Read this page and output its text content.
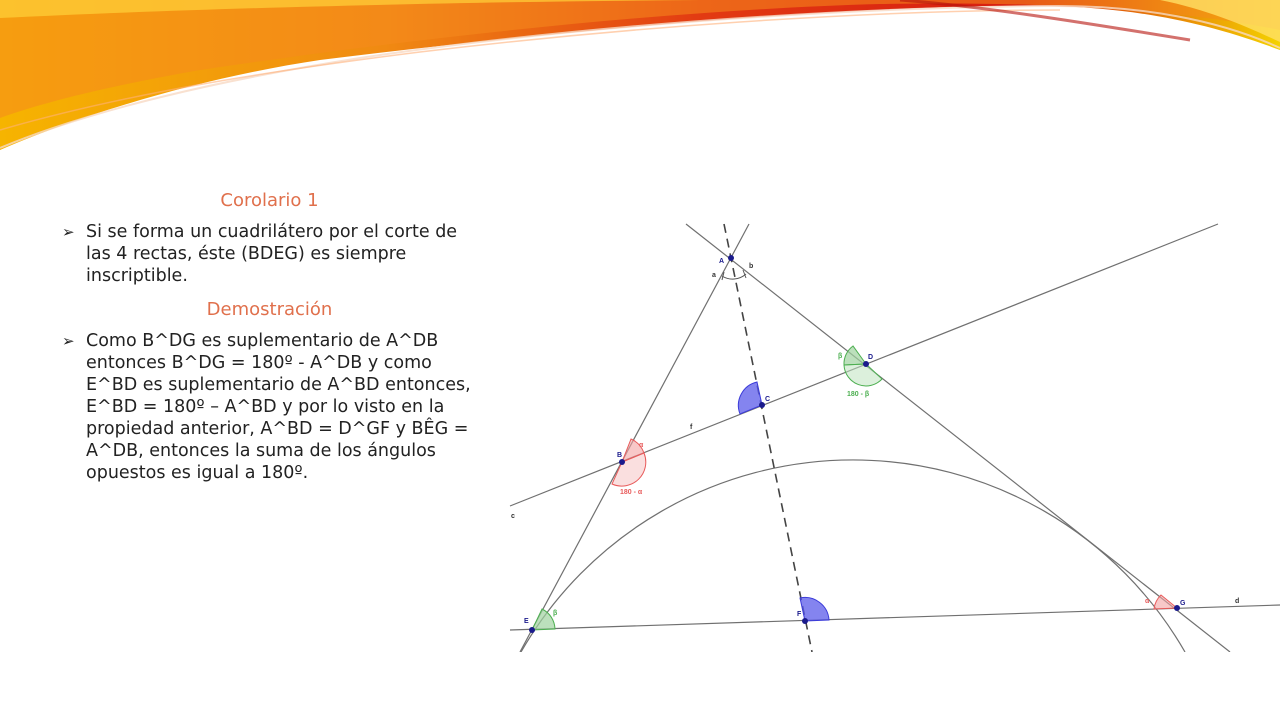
Corolario 1
➢ Si se forma un cuadrilátero por el corte de las 4 rectas, éste (BDEG) es siempre inscriptible.
Demostración
➢ Como B^DG es suplementario de A^DB entonces B^DG = 180º - A^DB y como E^BD es suplementario de A^BD entonces, E^BD = 180º – A^BD y por lo visto en la propiedad anterior, A^BD = D^GF y BÊG = A^DB, entonces la suma de los ángulos opuestos es igual a 180º.
A
B
C
D
E
F
G
a
b
c
d
f
α
180 - α
β
180 - β
β
α
